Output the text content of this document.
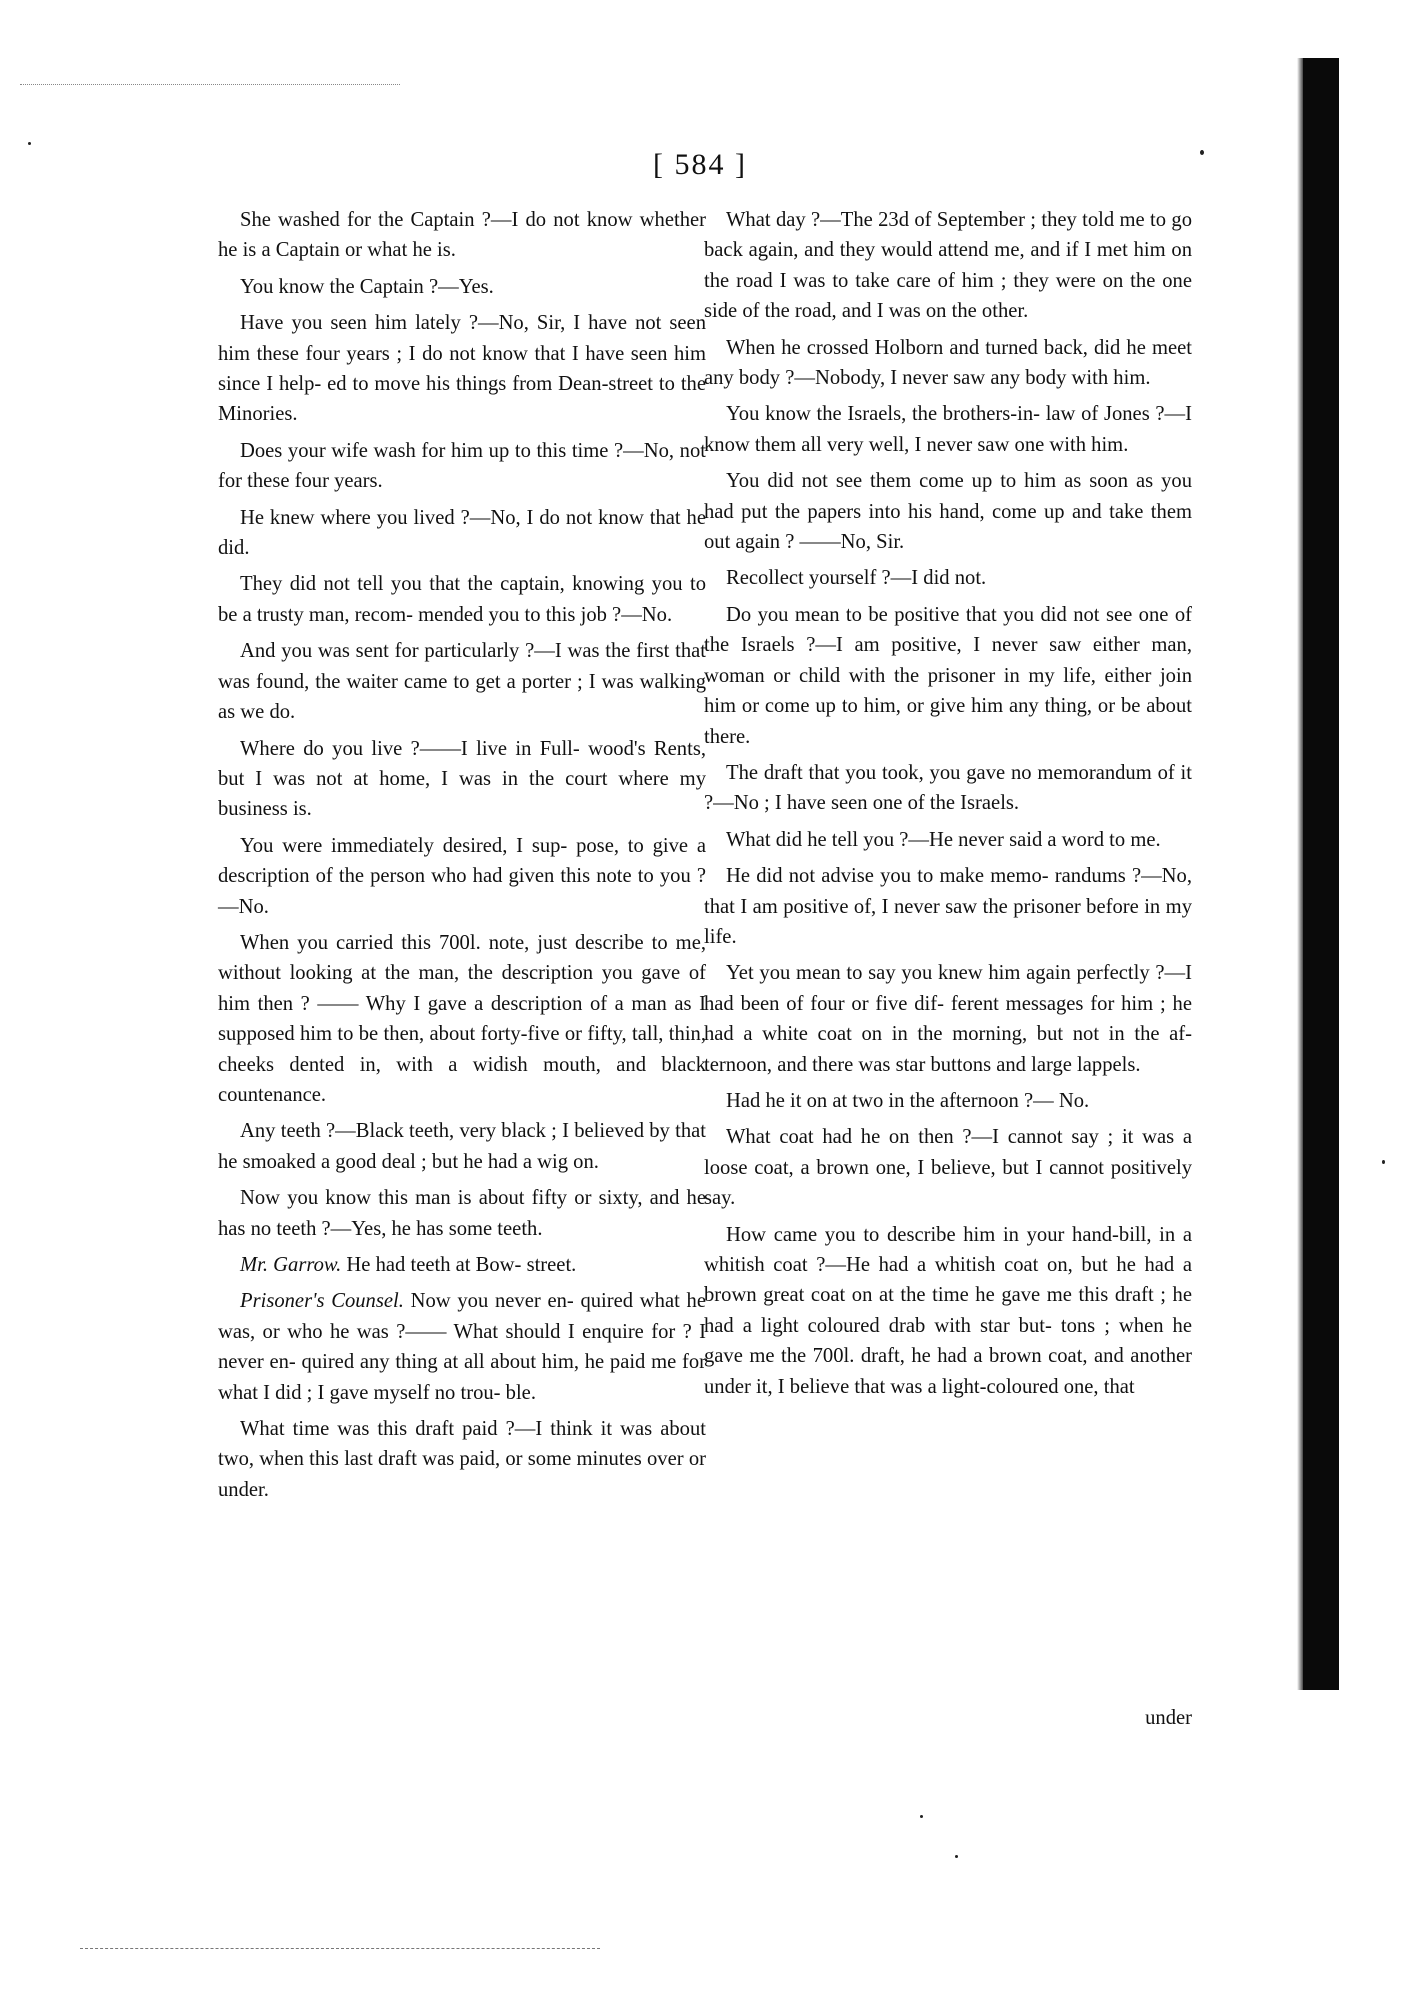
[ 584 ]

She washed for the Captain ?—I do not know whether he is a Captain or what he is.

You know the Captain ?—Yes.

Have you seen him lately ?—No, Sir, I have not seen him these four years ; I do not know that I have seen him since I help- ed to move his things from Dean-street to the Minories.

Does your wife wash for him up to this time ?—No, not for these four years.

He knew where you lived ?—No, I do not know that he did.

They did not tell you that the captain, knowing you to be a trusty man, recom- mended you to this job ?—No.

And you was sent for particularly ?—I was the first that was found, the waiter came to get a porter ; I was walking as we do.

Where do you live ?——I live in Full- wood's Rents, but I was not at home, I was in the court where my business is.

You were immediately desired, I sup- pose, to give a description of the person who had given this note to you ?—No.

When you carried this 700l. note, just describe to me, without looking at the man, the description you gave of him then ? —— Why I gave a description of a man as I supposed him to be then, about forty-five or fifty, tall, thin, cheeks dented in, with a widish mouth, and black countenance.

Any teeth ?—Black teeth, very black ; I believed by that he smoaked a good deal ; but he had a wig on.

Now you know this man is about fifty or sixty, and he has no teeth ?—Yes, he has some teeth.

Mr. Garrow. He had teeth at Bow- street.

Prisoner's Counsel. Now you never en- quired what he was, or who he was ?—— What should I enquire for ? I never en- quired any thing at all about him, he paid me for what I did ; I gave myself no trou- ble.

What time was this draft paid ?—I think it was about two, when this last draft was paid, or some minutes over or under.

What day ?—The 23d of September ; they told me to go back again, and they would attend me, and if I met him on the road I was to take care of him ; they were on the one side of the road, and I was on the other.

When he crossed Holborn and turned back, did he meet any body ?—Nobody, I never saw any body with him.

You know the Israels, the brothers-in- law of Jones ?—I know them all very well, I never saw one with him.

You did not see them come up to him as soon as you had put the papers into his hand, come up and take them out again ? ——No, Sir.

Recollect yourself ?—I did not.

Do you mean to be positive that you did not see one of the Israels ?—I am positive, I never saw either man, woman or child with the prisoner in my life, either join him or come up to him, or give him any thing, or be about there.

The draft that you took, you gave no memorandum of it ?—No ; I have seen one of the Israels.

What did he tell you ?—He never said a word to me.

He did not advise you to make memo- randums ?—No, that I am positive of, I never saw the prisoner before in my life.

Yet you mean to say you knew him again perfectly ?—I had been of four or five dif- ferent messages for him ; he had a white coat on in the morning, but not in the af- ternoon, and there was star buttons and large lappels.

Had he it on at two in the afternoon ?— No.

What coat had he on then ?—I cannot say ; it was a loose coat, a brown one, I believe, but I cannot positively say.

How came you to describe him in your hand-bill, in a whitish coat ?—He had a whitish coat on, but he had a brown great coat on at the time he gave me this draft ; he had a light coloured drab with star but- tons ; when he gave me the 700l. draft, he had a brown coat, and another under it, I believe that was a light-coloured one, that

under
